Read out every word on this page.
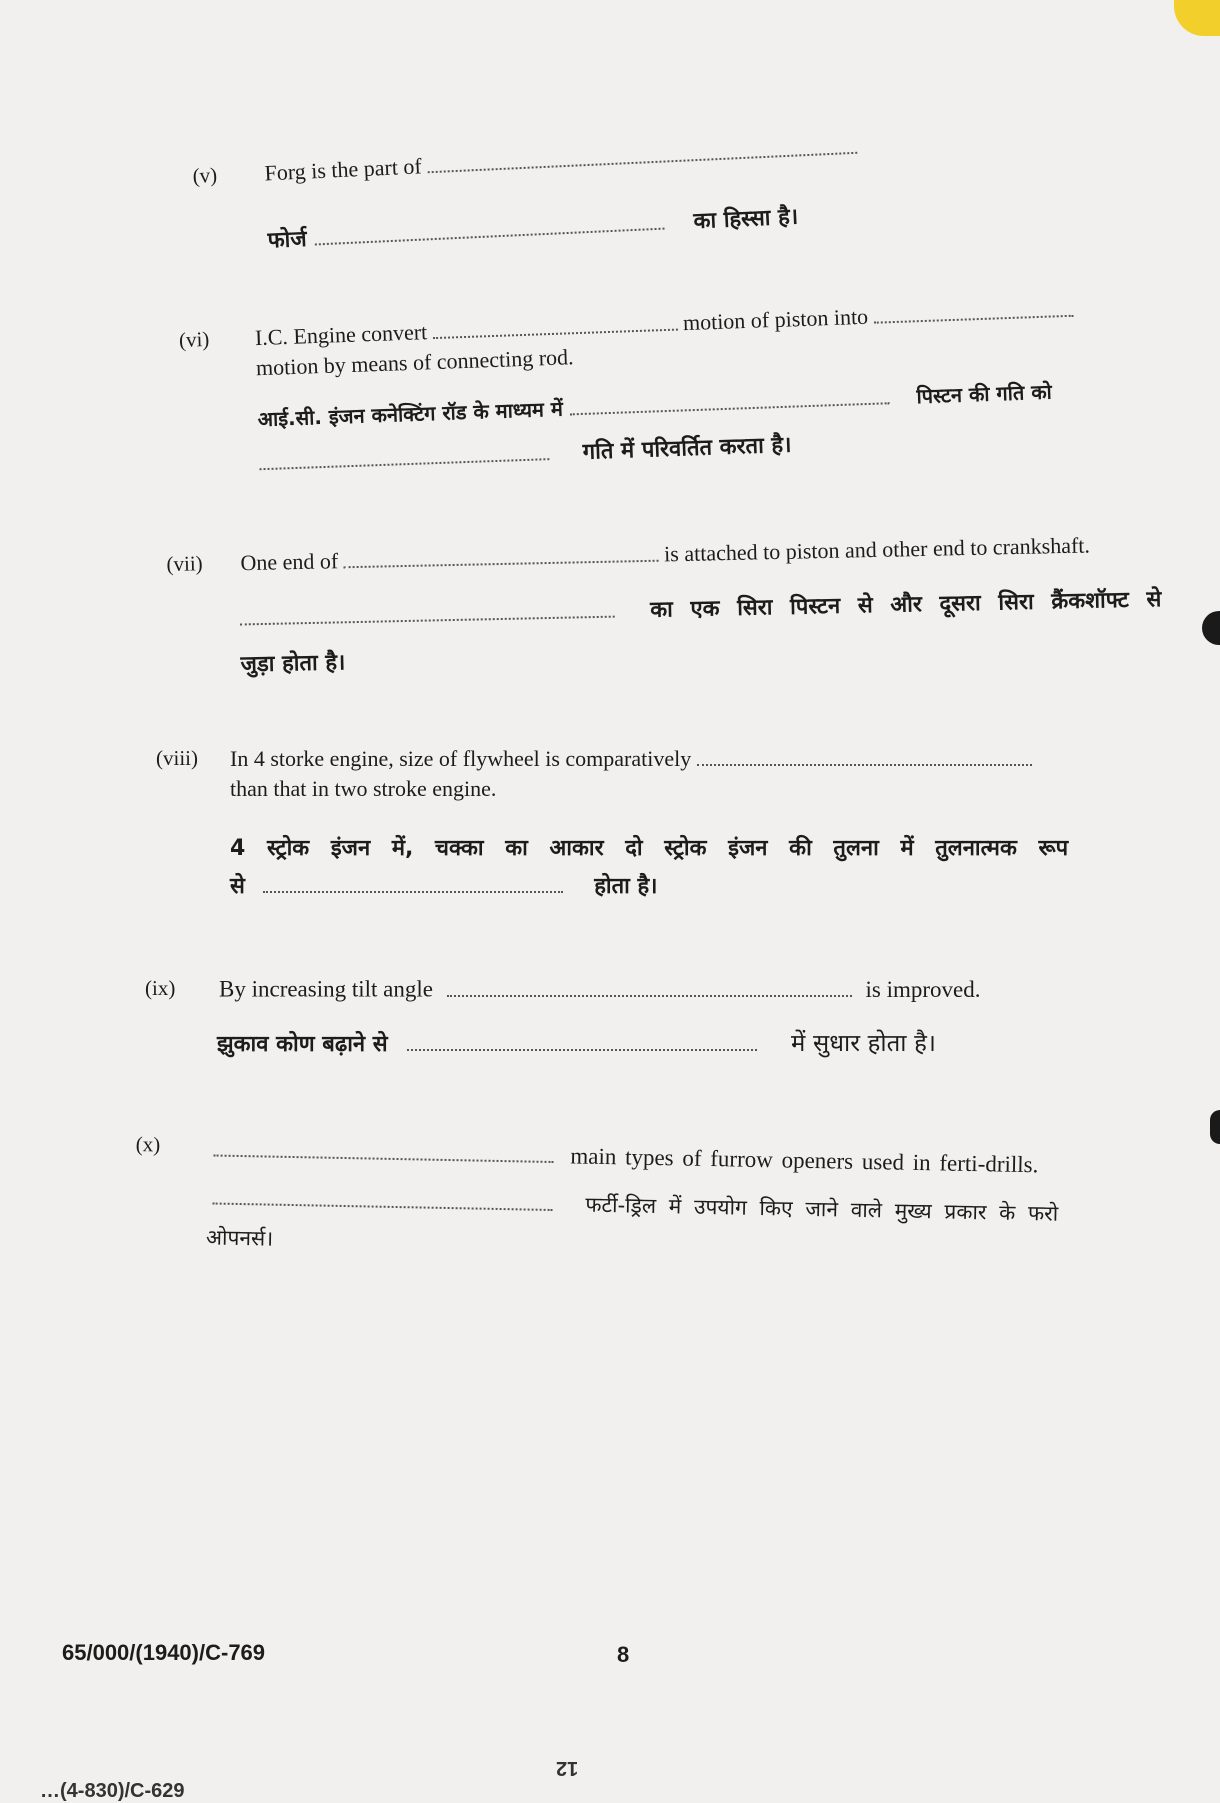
(v) Forg is the part of
फोर्ज  का हिस्सा है।
(vi) I.C. Engine convert	motion of piston into
motion by means of connecting rod.
आई.सी. इंजन कनेक्टिंग रॉड के माध्यम में  पिस्टन की गति को
गति में परिवर्तित करता है।
(vii) One end of	is attached to piston and other end to crankshaft.
का एक सिरा पिस्टन से और दूसरा सिरा क्रैंकशॉफ्ट से
जुड़ा होता है।
(viii) In 4 storke engine, size of flywheel is comparatively
than that in two stroke engine.
4 स्ट्रोक इंजन में, चक्का का आकार दो स्ट्रोक इंजन की तुलना में तुलनात्मक रूप
से	होता है।
(ix) By increasing tilt angle	is improved.
झुकाव कोण बढ़ाने से	में सुधार होता है।
(x)	main types of furrow openers used in ferti-drills.
फर्टी-ड्रिल में उपयोग किए जाने वाले मुख्य प्रकार के फरो
ओपनर्स।
65/000/(1940)/C-769	8
12
…(4-830)/C-629
